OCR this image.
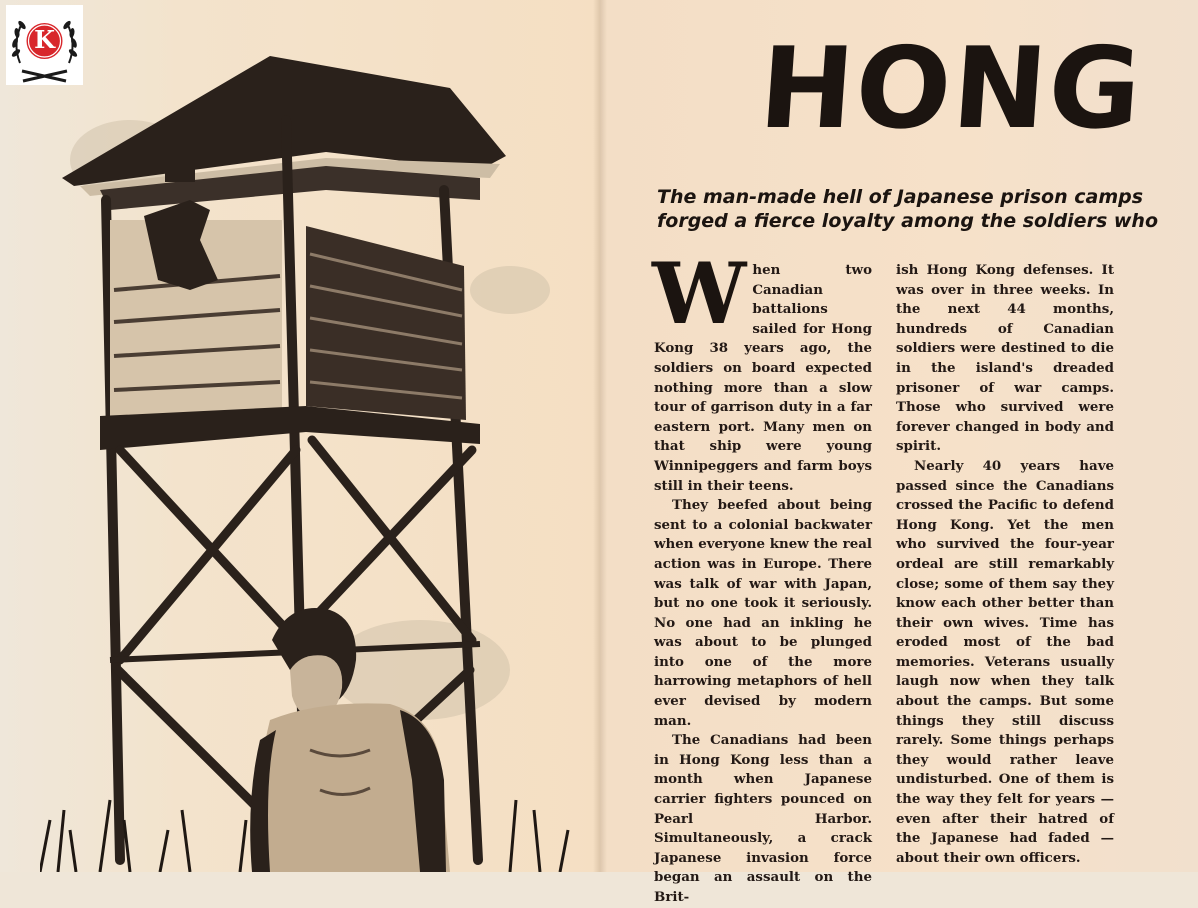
K	HONG
The man-made hell of Japanese prison camps
forged a fierce loyalty among the soldiers who
W hen two Canadian battalions sailed for Hong Kong 38 years ago, the soldiers on board expected nothing more than a slow tour of garrison duty in a far eastern port. Many men on that ship were young Winnipeggers and farm boys still in their teens.

They beefed about being sent to a colonial backwater when everyone knew the real action was in Europe. There was talk of war with Japan, but no one took it seriously. No one had an inkling he was about to be plunged into one of the more harrowing metaphors of hell ever devised by modern man.

The Canadians had been in Hong Kong less than a month when Japanese carrier fighters pounced on Pearl Harbor. Simultaneously, a crack Japanese invasion force began an assault on the Brit-

ish Hong Kong defenses. It was over in three weeks. In the next 44 months, hundreds of Canadian soldiers were destined to die in the island's dreaded prisoner of war camps. Those who survived were forever changed in body and spirit.

Nearly 40 years have passed since the Canadians crossed the Pacific to defend Hong Kong. Yet the men who survived the four-year ordeal are still remarkably close; some of them say they know each other better than their own wives. Time has eroded most of the bad memories. Veterans usually laugh now when they talk about the camps. But some things they still discuss rarely. Some things perhaps they would rather leave undisturbed. One of them is the way they felt for years — even after their hatred of the Japanese had faded — about their own officers.
